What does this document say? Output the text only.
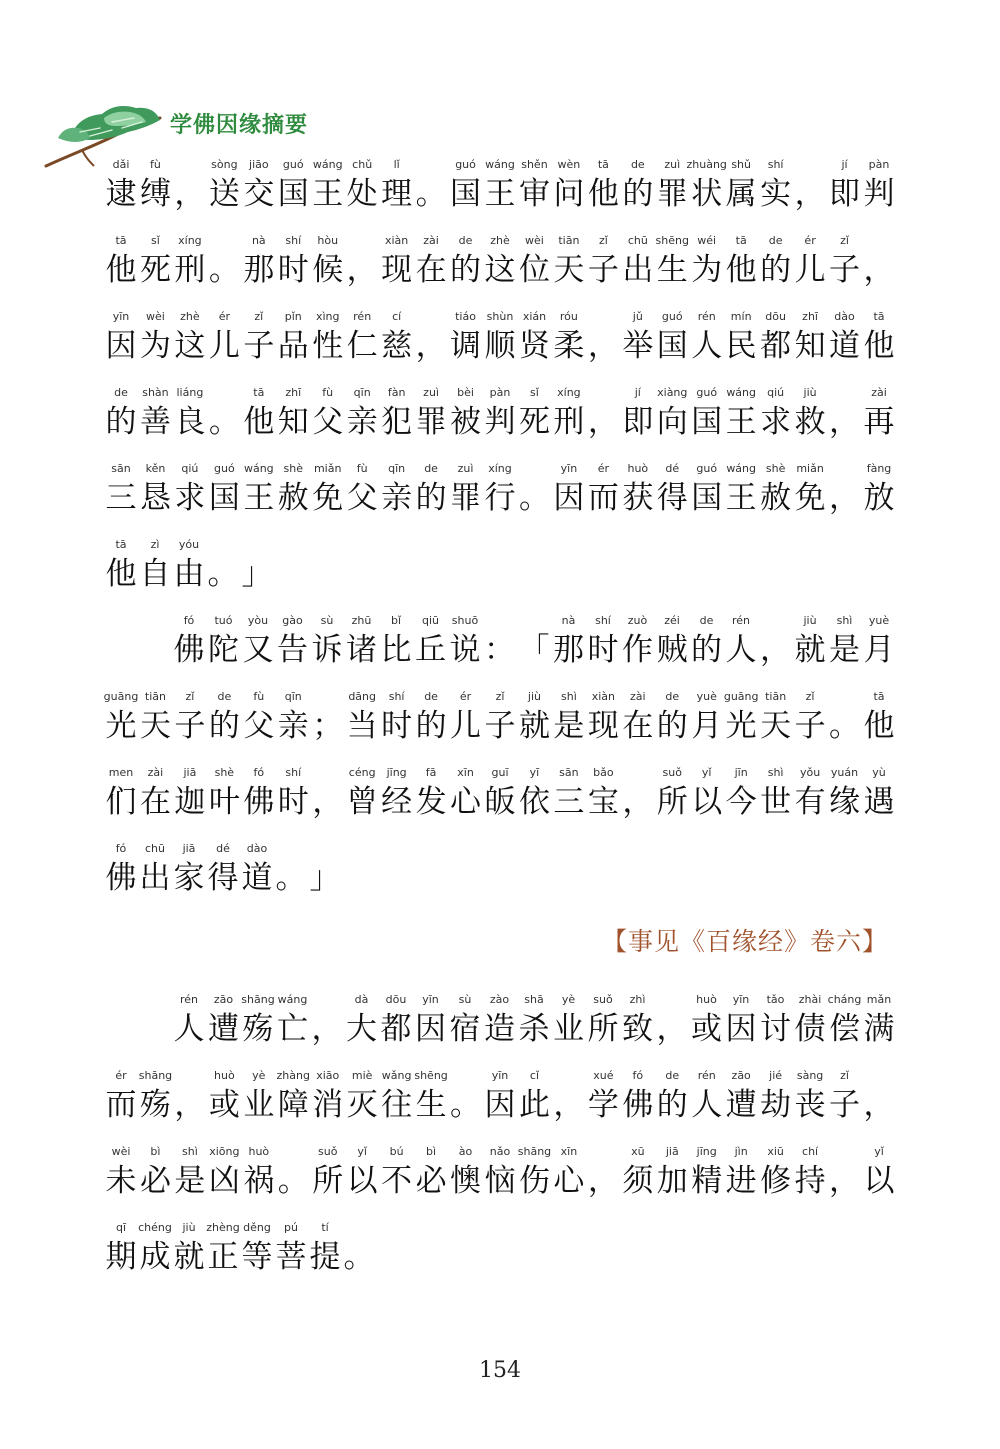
学佛因缘摘要
dǎi
逮
fù
缚 ，
sòng
送
jiāo
交
guó
国
wáng
王
chǔ
处
lǐ
理 。
guó
国
wáng
王
shěn
审
wèn
问
tā
他
de
的
zuì
罪
zhuàng
状
shǔ
属
shí
实 ，
jí
即
pàn
判
tā
他
sǐ
死
xíng
刑 。
nà
那
shí
时
hòu
候 ，
xiàn
现
zài
在
de
的
zhè
这
wèi
位
tiān
天
zǐ
子
chū
出
shēng
生
wéi
为
tā
他
de
的
ér
儿
zǐ
子 ，
yīn
因
wèi
为
zhè
这
ér
儿
zǐ
子
pǐn
品
xìng
性
rén
仁
cí
慈 ，
tiáo
调
shùn
顺
xián
贤
róu
柔 ，
jǔ
举
guó
国
rén
人
mín
民
dōu
都
zhī
知
dào
道
tā
他
de
的
shàn
善
liáng
良 。
tā
他
zhī
知
fù
父
qīn
亲
fàn
犯
zuì
罪
bèi
被
pàn
判
sǐ
死
xíng
刑 ，
jí
即
xiàng
向
guó
国
wáng
王
qiú
求
jiù
救 ，
zài
再
sān
三
kěn
恳
qiú
求
guó
国
wáng
王
shè
赦
miǎn
免
fù
父
qīn
亲
de
的
zuì
罪
xíng
行 。
yīn
因
ér
而
huò
获
dé
得
guó
国
wáng
王
shè
赦
miǎn
免 ，
fàng
放
tā
他
zì
自
yóu
由 。 」
fó
佛
tuó
陀
yòu
又
gào
告
sù
诉
zhū
诸
bǐ
比
qiū
丘
shuō
说 ： 「
nà
那
shí
时
zuò
作
zéi
贼
de
的
rén
人 ，
jiù
就
shì
是
yuè
月
guāng
光
tiān
天
zǐ
子
de
的
fù
父
qīn
亲 ；
dāng
当
shí
时
de
的
ér
儿
zǐ
子
jiù
就
shì
是
xiàn
现
zài
在
de
的
yuè
月
guāng
光
tiān
天
zǐ
子 。
tā
他
men
们
zài
在
jiā
迦
shè
叶
fó
佛
shí
时 ，
céng
曾
jīng
经
fā
发
xīn
心
guī
皈
yī
依
sān
三
bǎo
宝 ，
suǒ
所
yǐ
以
jīn
今
shì
世
yǒu
有
yuán
缘
yù
遇
fó
佛
chū
出
jiā
家
dé
得
dào
道 。 」
rén
人
zāo
遭
shāng
殇
wáng
亡 ，
dà
大
dōu
都
yīn
因
sù
宿
zào
造
shā
杀
yè
业
suǒ
所
zhì
致 ，
huò
或
yīn
因
tǎo
讨
zhài
债
cháng
偿
mǎn
满
ér
而
shāng
殇 ，
huò
或
yè
业
zhàng
障
xiāo
消
miè
灭
wǎng
往
shēng
生 。
yīn
因
cǐ
此 ，
xué
学
fó
佛
de
的
rén
人
zāo
遭
jié
劫
sàng
丧
zǐ
子 ，
wèi
未
bì
必
shì
是
xiōng
凶
huò
祸 。
suǒ
所
yǐ
以
bú
不
bì
必
ào
懊
nǎo
恼
shāng
伤
xīn
心 ，
xū
须
jiā
加
jīng
精
jìn
进
xiū
修
chí
持 ，
yǐ
以
qī
期
chéng
成
jiù
就
zhèng
正
děng
等
pú
菩
tí
提 。
【事见《百缘经》卷六】
154
